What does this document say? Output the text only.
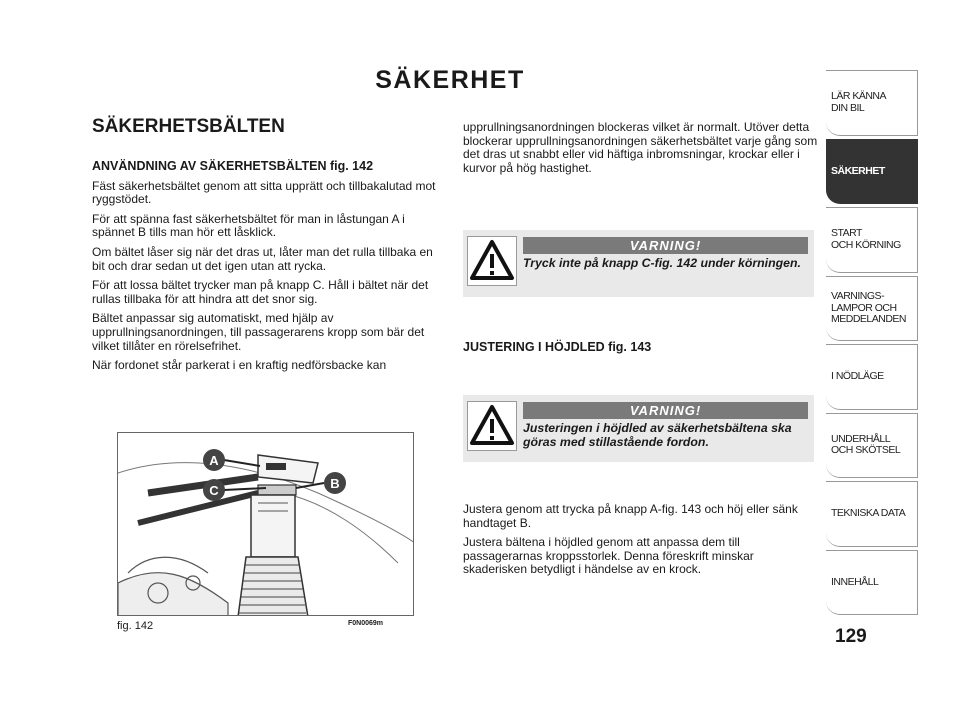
SÄKERHET
SÄKERHETSBÄLTEN
ANVÄNDNING AV SÄKERHETSBÄLTEN fig. 142

Fäst säkerhetsbältet genom att sitta upprätt och tillbakalutad mot ryggstödet.

För att spänna fast säkerhetsbältet för man in låstungan A i spännet B tills man hör ett låsklick.

Om bältet låser sig när det dras ut, låter man det rulla tillbaka en bit och drar sedan ut det igen utan att rycka.

För att lossa bältet trycker man på knapp C. Håll i bältet när det rullas tillbaka för att hindra att det snor sig.

Bältet anpassar sig automatiskt, med hjälp av upprullningsanordningen, till passagerarens kropp som bär det vilket tillåter en rörelsefrihet.

När fordonet står parkerat i en kraftig nedförsbacke kan

upprullningsanordningen blockeras vilket är normalt. Utöver detta blockerar upprullningsanordningen säkerhetsbältet varje gång som det dras ut snabbt eller vid häftiga inbromsningar, krockar eller i kurvor på hög hastighet.
VARNING!
Tryck inte på knapp C-fig. 142 under körningen.
JUSTERING I HÖJDLED fig. 143
VARNING!
Justeringen i höjdled av säkerhetsbältena ska göras med stillastående fordon.

Justera genom att trycka på knapp A-fig. 143 och höj eller sänk handtaget B.

Justera bältena i höjdled genom att anpassa dem till passagerarnas kroppsstorlek. Denna föreskrift minskar skaderisken betydligt i händelse av en krock.

A
C	B
fig. 142	F0N0069m
LÄR KÄNNA
DIN BIL
SÄKERHET
START
OCH KÖRNING
VARNINGS-
LAMPOR OCH
MEDDELANDEN
I NÖDLÄGE
UNDERHÅLL
OCH SKÖTSEL
TEKNISKA DATA
INNEHÅLL
129
